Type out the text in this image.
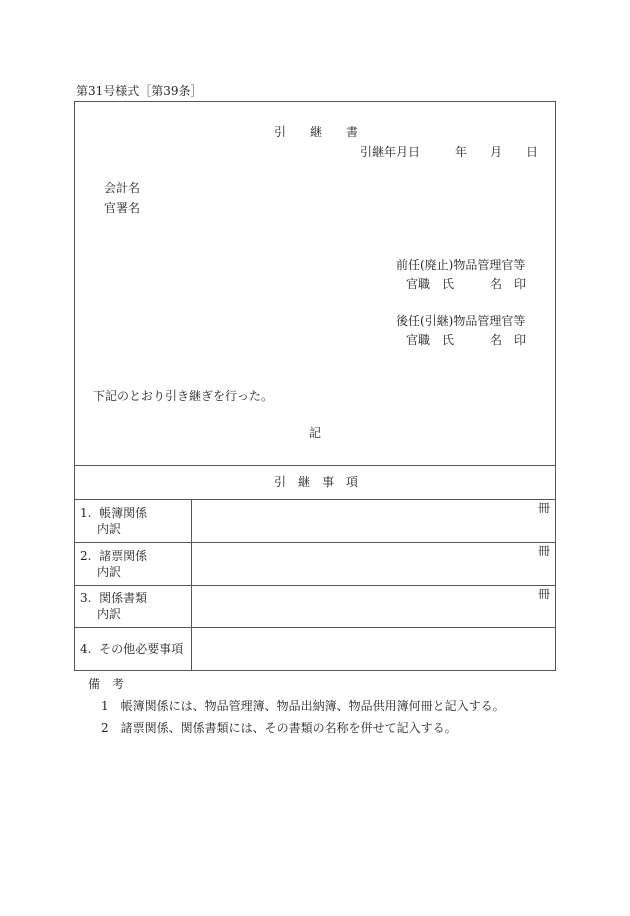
第31号様式［第39条］
引　　継　　書
引継年月日	年 月 日
会計名
官署名
前任(廃止)物品管理官等
官職　氏　　　名　印
後任(引継)物品管理官等
官職　氏　　　名　印
下記のとおり引き継ぎを行った。
記
引　継　事　項
1.  帳簿関係
内訳
冊
2.  諸票関係
内訳
冊
3.  関係書類
内訳
冊
4.  その他必要事項
備　考
1　帳簿関係には、物品管理簿、物品出納簿、物品供用簿何冊と記入する。
2　諸票関係、関係書類には、その書類の名称を併せて記入する。
